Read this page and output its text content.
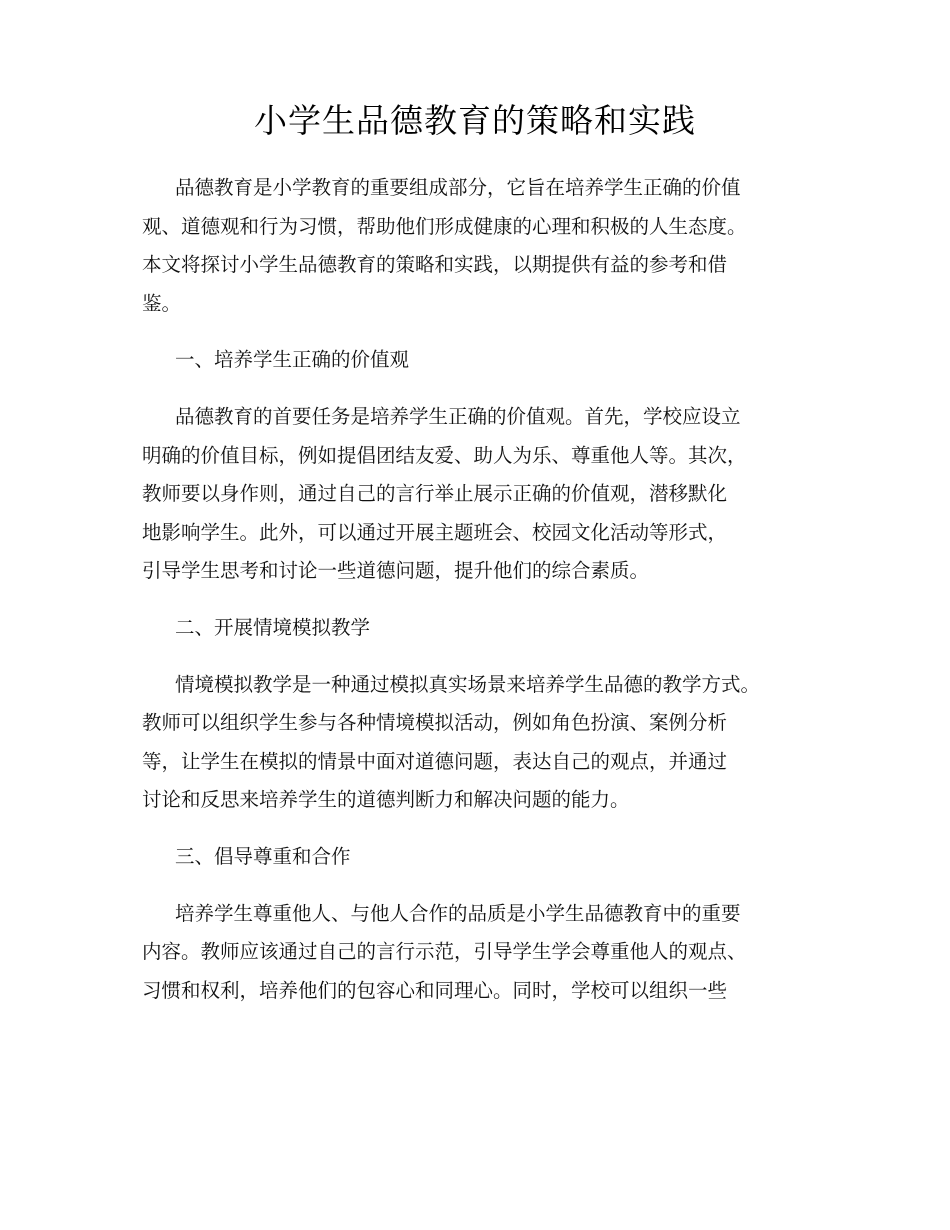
小学生品德教育的策略和实践
品德教育是小学教育的重要组成部分，它旨在培养学生正确的价值
观、道德观和行为习惯，帮助他们形成健康的心理和积极的人生态度。
本文将探讨小学生品德教育的策略和实践，以期提供有益的参考和借
鉴。
一、培养学生正确的价值观
品德教育的首要任务是培养学生正确的价值观。首先，学校应设立
明确的价值目标，例如提倡团结友爱、助人为乐、尊重他人等。其次，
教师要以身作则，通过自己的言行举止展示正确的价值观，潜移默化
地影响学生。此外，可以通过开展主题班会、校园文化活动等形式，
引导学生思考和讨论一些道德问题，提升他们的综合素质。
二、开展情境模拟教学
情境模拟教学是一种通过模拟真实场景来培养学生品德的教学方式。
教师可以组织学生参与各种情境模拟活动，例如角色扮演、案例分析
等，让学生在模拟的情景中面对道德问题，表达自己的观点，并通过
讨论和反思来培养学生的道德判断力和解决问题的能力。
三、倡导尊重和合作
培养学生尊重他人、与他人合作的品质是小学生品德教育中的重要
内容。教师应该通过自己的言行示范，引导学生学会尊重他人的观点、
习惯和权利，培养他们的包容心和同理心。同时，学校可以组织一些
